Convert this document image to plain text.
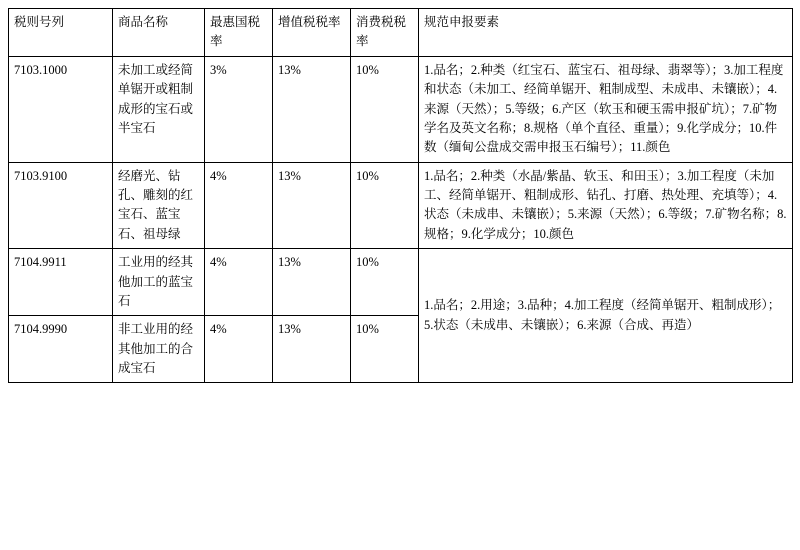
税则号列	商品名称	最惠国税率	增值税税率	消费税税率	规范申报要素
7103.1000	未加工或经简单锯开或粗制成形的宝石或半宝石	3%	13%	10%	1.品名；2.种类（红宝石、蓝宝石、祖母绿、翡翠等）；3.加工程度和状态（未加工、经简单锯开、粗制成型、未成串、未镶嵌）；4.来源（天然）；5.等级；6.产区（软玉和硬玉需申报矿坑）；7.矿物学名及英文名称；8.规格（单个直径、重量）；9.化学成分；10.件数（缅甸公盘成交需申报玉石编号）；11.颜色
7103.9100	经磨光、钻孔、雕刻的红宝石、蓝宝石、祖母绿	4%	13%	10%	1.品名；2.种类（水晶/紫晶、软玉、和田玉）；3.加工程度（未加工、经简单锯开、粗制成形、钻孔、打磨、热处理、充填等）；4.状态（未成串、未镶嵌）；5.来源（天然）；6.等级；7.矿物名称；8.规格；9.化学成分；10.颜色
7104.9911	工业用的经其他加工的蓝宝石	4%	13%	10%	1.品名；2.用途；3.品种；4.加工程度（经简单锯开、粗制成形）；5.状态（未成串、未镶嵌）；6.来源（合成、再造）
7104.9990	非工业用的经其他加工的合成宝石	4%	13%	10%	
